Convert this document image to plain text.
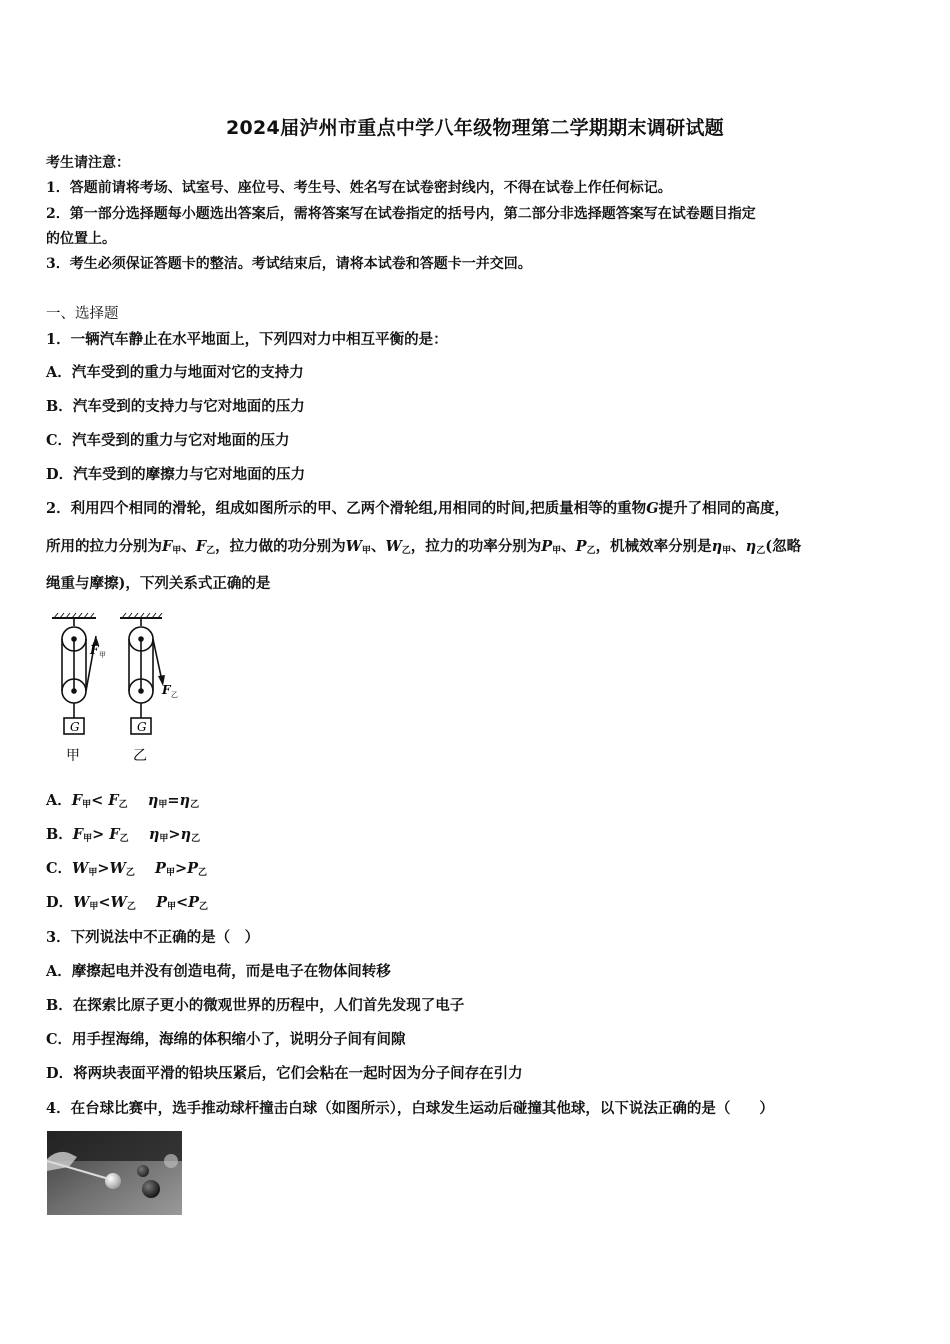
2024届泸州市重点中学八年级物理第二学期期末调研试题
考生请注意：
1．答题前请将考场、试室号、座位号、考生号、姓名写在试卷密封线内，不得在试卷上作任何标记。
2．第一部分选择题每小题选出答案后，需将答案写在试卷指定的括号内，第二部分非选择题答案写在试卷题目指定
的位置上。
3．考生必须保证答题卡的整洁。考试结束后，请将本试卷和答题卡一并交回。
一、选择题
1．一辆汽车静止在水平地面上，下列四对力中相互平衡的是：
A．汽车受到的重力与地面对它的支持力
B．汽车受到的支持力与它对地面的压力
C．汽车受到的重力与它对地面的压力
D．汽车受到的摩擦力与它对地面的压力
2．利用四个相同的滑轮，组成如图所示的甲、乙两个滑轮组,用相同的时间,把质量相等的重物G提升了相同的高度，
所用的拉力分别为$F_甲$、$F_乙$，拉力做的功分别为$W_甲$、$W_乙$，拉力的功率分别为$P_甲$、$P_乙$，机械效率分别是$\eta_甲$、$\eta_乙$(忽略
绳重与摩擦)，下列关系式正确的是
F 甲
F 乙
G	G
甲	乙
A．$F_甲< F_乙$ $\eta_甲=\eta_乙$
B．$F_甲> F_乙$ $\eta_甲>\eta_乙$
C．$W_甲>W_乙$ $P_甲>P_乙$
D．$W_甲<W_乙$ $P_甲<P_乙$
3．下列说法中不正确的是（　）
A．摩擦起电并没有创造电荷，而是电子在物体间转移
B．在探索比原子更小的微观世界的历程中，人们首先发现了电子
C．用手捏海绵，海绵的体积缩小了，说明分子间有间隙
D．将两块表面平滑的铅块压紧后，它们会粘在一起时因为分子间存在引力
4．在台球比赛中，选手推动球杆撞击白球（如图所示），白球发生运动后碰撞其他球，以下说法正确的是（　　）
